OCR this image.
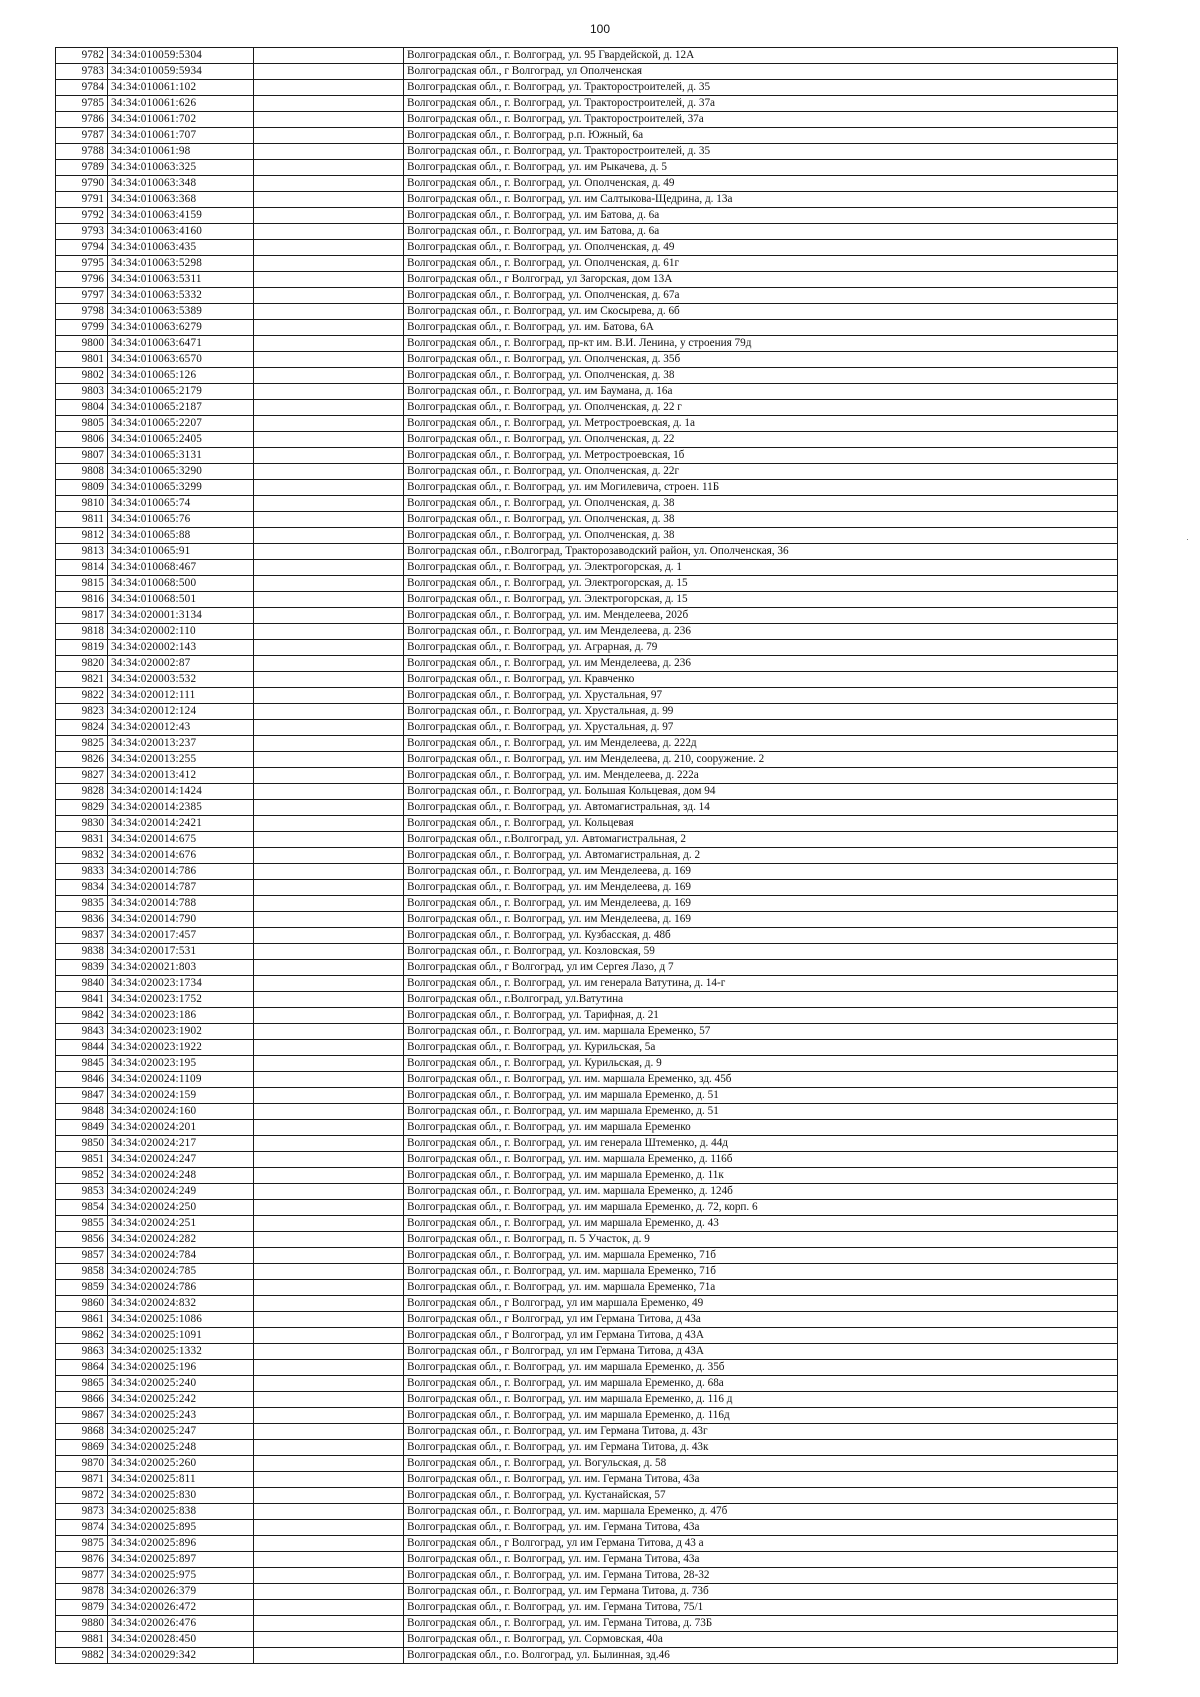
100
9782	34:34:010059:5304		Волгоградская обл., г. Волгоград, ул. 95 Гвардейской, д. 12А
9783	34:34:010059:5934		Волгоградская обл., г Волгоград, ул Ополченская
9784	34:34:010061:102		Волгоградская обл., г. Волгоград, ул. Тракторостроителей, д. 35
9785	34:34:010061:626		Волгоградская обл., г. Волгоград, ул. Тракторостроителей, д. 37а
9786	34:34:010061:702		Волгоградская обл., г. Волгоград, ул. Тракторостроителей, 37а
9787	34:34:010061:707		Волгоградская обл., г. Волгоград, р.п. Южный, 6а
9788	34:34:010061:98		Волгоградская обл., г. Волгоград, ул. Тракторостроителей, д. 35
9789	34:34:010063:325		Волгоградская обл., г. Волгоград, ул. им Рыкачева, д. 5
9790	34:34:010063:348		Волгоградская обл., г. Волгоград, ул. Ополченская, д. 49
9791	34:34:010063:368		Волгоградская обл., г. Волгоград, ул. им Салтыкова-Щедрина, д. 13а
9792	34:34:010063:4159		Волгоградская обл., г. Волгоград, ул. им Батова, д. 6а
9793	34:34:010063:4160		Волгоградская обл., г. Волгоград, ул. им Батова, д. 6а
9794	34:34:010063:435		Волгоградская обл., г. Волгоград, ул. Ополченская, д. 49
9795	34:34:010063:5298		Волгоградская обл., г. Волгоград, ул. Ополченская, д. 61г
9796	34:34:010063:5311		Волгоградская обл., г Волгоград, ул Загорская, дом 13А
9797	34:34:010063:5332		Волгоградская обл., г. Волгоград, ул. Ополченская, д. 67а
9798	34:34:010063:5389		Волгоградская обл., г. Волгоград, ул. им Скосырева, д. 6б
9799	34:34:010063:6279		Волгоградская обл., г. Волгоград, ул. им. Батова, 6А
9800	34:34:010063:6471		Волгоградская обл., г. Волгоград, пр-кт им. В.И. Ленина, у строения 79д
9801	34:34:010063:6570		Волгоградская обл., г. Волгоград, ул. Ополченская, д. 35б
9802	34:34:010065:126		Волгоградская обл., г. Волгоград, ул. Ополченская, д. 38
9803	34:34:010065:2179		Волгоградская обл., г. Волгоград, ул. им Баумана, д. 16а
9804	34:34:010065:2187		Волгоградская обл., г. Волгоград, ул. Ополченская, д. 22 г
9805	34:34:010065:2207		Волгоградская обл., г. Волгоград, ул. Метростроевская, д. 1а
9806	34:34:010065:2405		Волгоградская обл., г. Волгоград, ул. Ополченская, д. 22
9807	34:34:010065:3131		Волгоградская обл., г. Волгоград, ул. Метростроевская, 1б
9808	34:34:010065:3290		Волгоградская обл., г. Волгоград, ул. Ополченская, д. 22г
9809	34:34:010065:3299		Волгоградская обл., г. Волгоград, ул. им Могилевича, строен. 11Б
9810	34:34:010065:74		Волгоградская обл., г. Волгоград, ул. Ополченская, д. 38
9811	34:34:010065:76		Волгоградская обл., г. Волгоград, ул. Ополченская, д. 38
9812	34:34:010065:88		Волгоградская обл., г. Волгоград, ул. Ополченская, д. 38
9813	34:34:010065:91		Волгоградская обл., г.Волгоград, Тракторозаводский район, ул. Ополченская, 36
9814	34:34:010068:467		Волгоградская обл., г. Волгоград, ул. Электрогорская, д. 1
9815	34:34:010068:500		Волгоградская обл., г. Волгоград, ул. Электрогорская, д. 15
9816	34:34:010068:501		Волгоградская обл., г. Волгоград, ул. Электрогорская, д. 15
9817	34:34:020001:3134		Волгоградская обл., г. Волгоград, ул. им. Менделеева, 202б
9818	34:34:020002:110		Волгоградская обл., г. Волгоград, ул. им Менделеева, д. 236
9819	34:34:020002:143		Волгоградская обл., г. Волгоград, ул. Аграрная, д. 79
9820	34:34:020002:87		Волгоградская обл., г. Волгоград, ул. им Менделеева, д. 236
9821	34:34:020003:532		Волгоградская обл., г. Волгоград, ул. Кравченко
9822	34:34:020012:111		Волгоградская обл., г. Волгоград, ул. Хрустальная, 97
9823	34:34:020012:124		Волгоградская обл., г. Волгоград, ул. Хрустальная, д. 99
9824	34:34:020012:43		Волгоградская обл., г. Волгоград, ул. Хрустальная, д. 97
9825	34:34:020013:237		Волгоградская обл., г. Волгоград, ул. им Менделеева, д. 222д
9826	34:34:020013:255		Волгоградская обл., г. Волгоград, ул. им Менделеева, д. 210, сооружение. 2
9827	34:34:020013:412		Волгоградская обл., г. Волгоград, ул. им. Менделеева, д. 222а
9828	34:34:020014:1424		Волгоградская обл., г. Волгоград, ул. Большая Кольцевая, дом 94
9829	34:34:020014:2385		Волгоградская обл., г. Волгоград, ул. Автомагистральная, зд. 14
9830	34:34:020014:2421		Волгоградская обл., г. Волгоград, ул. Кольцевая
9831	34:34:020014:675		Волгоградская обл., г.Волгоград, ул. Автомагистральная, 2
9832	34:34:020014:676		Волгоградская обл., г. Волгоград, ул. Автомагистральная, д. 2
9833	34:34:020014:786		Волгоградская обл., г. Волгоград, ул. им Менделеева, д. 169
9834	34:34:020014:787		Волгоградская обл., г. Волгоград, ул. им Менделеева, д. 169
9835	34:34:020014:788		Волгоградская обл., г. Волгоград, ул. им Менделеева, д. 169
9836	34:34:020014:790		Волгоградская обл., г. Волгоград, ул. им Менделеева, д. 169
9837	34:34:020017:457		Волгоградская обл., г. Волгоград, ул. Кузбасская, д. 48б
9838	34:34:020017:531		Волгоградская обл., г. Волгоград, ул. Козловская, 59
9839	34:34:020021:803		Волгоградская обл., г Волгоград, ул им Сергея Лазо, д 7
9840	34:34:020023:1734		Волгоградская обл., г. Волгоград, ул. им генерала Ватутина, д. 14-г
9841	34:34:020023:1752		Волгоградская обл., г.Волгоград, ул.Ватутина
9842	34:34:020023:186		Волгоградская обл., г. Волгоград, ул. Тарифная, д. 21
9843	34:34:020023:1902		Волгоградская обл., г. Волгоград, ул. им. маршала Еременко, 57
9844	34:34:020023:1922		Волгоградская обл., г. Волгоград, ул. Курильская, 5а
9845	34:34:020023:195		Волгоградская обл., г. Волгоград, ул. Курильская, д. 9
9846	34:34:020024:1109		Волгоградская обл., г. Волгоград, ул. им. маршала Еременко, зд. 45б
9847	34:34:020024:159		Волгоградская обл., г. Волгоград, ул. им маршала Еременко, д. 51
9848	34:34:020024:160		Волгоградская обл., г. Волгоград, ул. им маршала Еременко, д. 51
9849	34:34:020024:201		Волгоградская обл., г. Волгоград, ул. им маршала Еременко
9850	34:34:020024:217		Волгоградская обл., г. Волгоград, ул. им генерала Штеменко, д. 44д
9851	34:34:020024:247		Волгоградская обл., г. Волгоград, ул. им. маршала Еременко, д. 116б
9852	34:34:020024:248		Волгоградская обл., г. Волгоград, ул. им маршала Еременко, д. 11к
9853	34:34:020024:249		Волгоградская обл., г. Волгоград, ул. им. маршала Еременко, д. 124б
9854	34:34:020024:250		Волгоградская обл., г. Волгоград, ул. им маршала Еременко, д. 72, корп. 6
9855	34:34:020024:251		Волгоградская обл., г. Волгоград, ул. им маршала Еременко, д. 43
9856	34:34:020024:282		Волгоградская обл., г. Волгоград, п. 5 Участок, д. 9
9857	34:34:020024:784		Волгоградская обл., г. Волгоград, ул. им. маршала Еременко, 71б
9858	34:34:020024:785		Волгоградская обл., г. Волгоград, ул. им. маршала Еременко, 71б
9859	34:34:020024:786		Волгоградская обл., г. Волгоград, ул. им. маршала Еременко, 71а
9860	34:34:020024:832		Волгоградская обл., г Волгоград, ул им маршала Еременко, 49
9861	34:34:020025:1086		Волгоградская обл., г Волгоград, ул им Германа Титова, д 43а
9862	34:34:020025:1091		Волгоградская обл., г Волгоград, ул им Германа Титова, д 43А
9863	34:34:020025:1332		Волгоградская обл., г Волгоград, ул им Германа Титова, д 43А
9864	34:34:020025:196		Волгоградская обл., г. Волгоград, ул. им маршала Еременко, д. 35б
9865	34:34:020025:240		Волгоградская обл., г. Волгоград, ул. им маршала Еременко, д. 68а
9866	34:34:020025:242		Волгоградская обл., г. Волгоград, ул. им маршала Еременко, д. 116 д
9867	34:34:020025:243		Волгоградская обл., г. Волгоград, ул. им маршала Еременко, д. 116д
9868	34:34:020025:247		Волгоградская обл., г. Волгоград, ул. им Германа Титова, д. 43г
9869	34:34:020025:248		Волгоградская обл., г. Волгоград, ул. им Германа Титова, д. 43к
9870	34:34:020025:260		Волгоградская обл., г. Волгоград, ул. Вогульская, д. 58
9871	34:34:020025:811		Волгоградская обл., г. Волгоград, ул. им. Германа Титова, 43а
9872	34:34:020025:830		Волгоградская обл., г. Волгоград, ул. Кустанайская, 57
9873	34:34:020025:838		Волгоградская обл., г. Волгоград, ул. им. маршала Еременко, д. 47б
9874	34:34:020025:895		Волгоградская обл., г. Волгоград, ул. им. Германа Титова, 43а
9875	34:34:020025:896		Волгоградская обл., г Волгоград, ул им Германа Титова, д 43 а
9876	34:34:020025:897		Волгоградская обл., г. Волгоград, ул. им. Германа Титова, 43а
9877	34:34:020025:975		Волгоградская обл., г. Волгоград, ул. им. Германа Титова, 28-32
9878	34:34:020026:379		Волгоградская обл., г. Волгоград, ул. им Германа Титова, д. 73б
9879	34:34:020026:472		Волгоградская обл., г. Волгоград, ул. им. Германа Титова, 75/1
9880	34:34:020026:476		Волгоградская обл., г. Волгоград, ул. им. Германа Титова, д. 73Б
9881	34:34:020028:450		Волгоградская обл., г. Волгоград, ул. Сормовская, 40а
9882	34:34:020029:342		Волгоградская обл., г.о. Волгоград, ул. Былинная, зд.46
·
